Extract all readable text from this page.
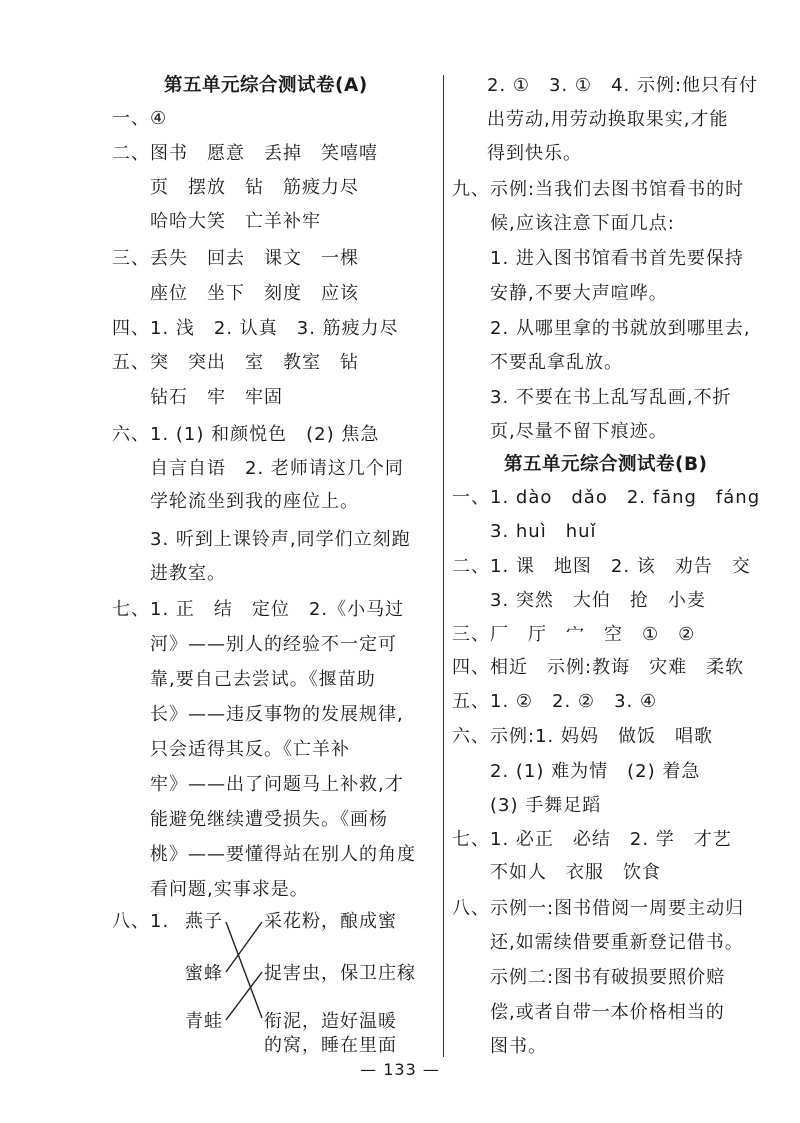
第五单元综合测试卷(A)
一、④
二、图书　愿意　丢掉　笑嘻嘻
　　页　摆放　钻　筋疲力尽
　　哈哈大笑　亡羊补牢
三、丢失　回去　课文　一棵
　　座位　坐下　刻度　应该
四、1. 浅　2. 认真　3. 筋疲力尽
五、突　突出　室　教室　钻
　　钻石　牢　牢固
六、1. (1) 和颜悦色　(2) 焦急
　　自言自语　2. 老师请这几个同
　　学轮流坐到我的座位上。
　　3. 听到上课铃声,同学们立刻跑
　　进教室。
七、1. 正　结　定位　2.《小马过
　　河》——别人的经验不一定可
　　靠,要自己去尝试。《揠苗助
　　长》——违反事物的发展规律,
　　只会适得其反。《亡羊补
　　牢》——出了问题马上补救,才
　　能避免继续遭受损失。《画杨
　　桃》——要懂得站在别人的角度
　　看问题,实事求是。
八、1. 燕子
蜜蜂
青蛙
采花粉，酿成蜜
捉害虫，保卫庄稼
衔泥，造好温暖
的窝，睡在里面
2. ①　3. ①　4. 示例:他只有付
出劳动,用劳动换取果实,才能
得到快乐。
九、示例:当我们去图书馆看书的时
　　候,应该注意下面几点:
　　1. 进入图书馆看书首先要保持
　　安静,不要大声喧哗。
　　2. 从哪里拿的书就放到哪里去,
　　不要乱拿乱放。
　　3. 不要在书上乱写乱画,不折
　　页,尽量不留下痕迹。
第五单元综合测试卷(B)
一、1. dào　dǎo　2. fāng　fáng
　　3. huì　huǐ
二、1. 课　地图　2. 该　劝告　交
　　3. 突然　大伯　抢　小麦
三、厂　厅　宀　空　①　②
四、相近　示例:教诲　灾难　柔软
五、1. ②　2. ②　3. ④
六、示例:1. 妈妈　做饭　唱歌
　　2. (1) 难为情　(2) 着急
　　(3) 手舞足蹈
七、1. 必正　必结　2. 学　才艺
　　不如人　衣服　饮食
八、示例一:图书借阅一周要主动归
　　还,如需续借要重新登记借书。
　　示例二:图书有破损要照价赔
　　偿,或者自带一本价格相当的
　　图书。
— 133 —
